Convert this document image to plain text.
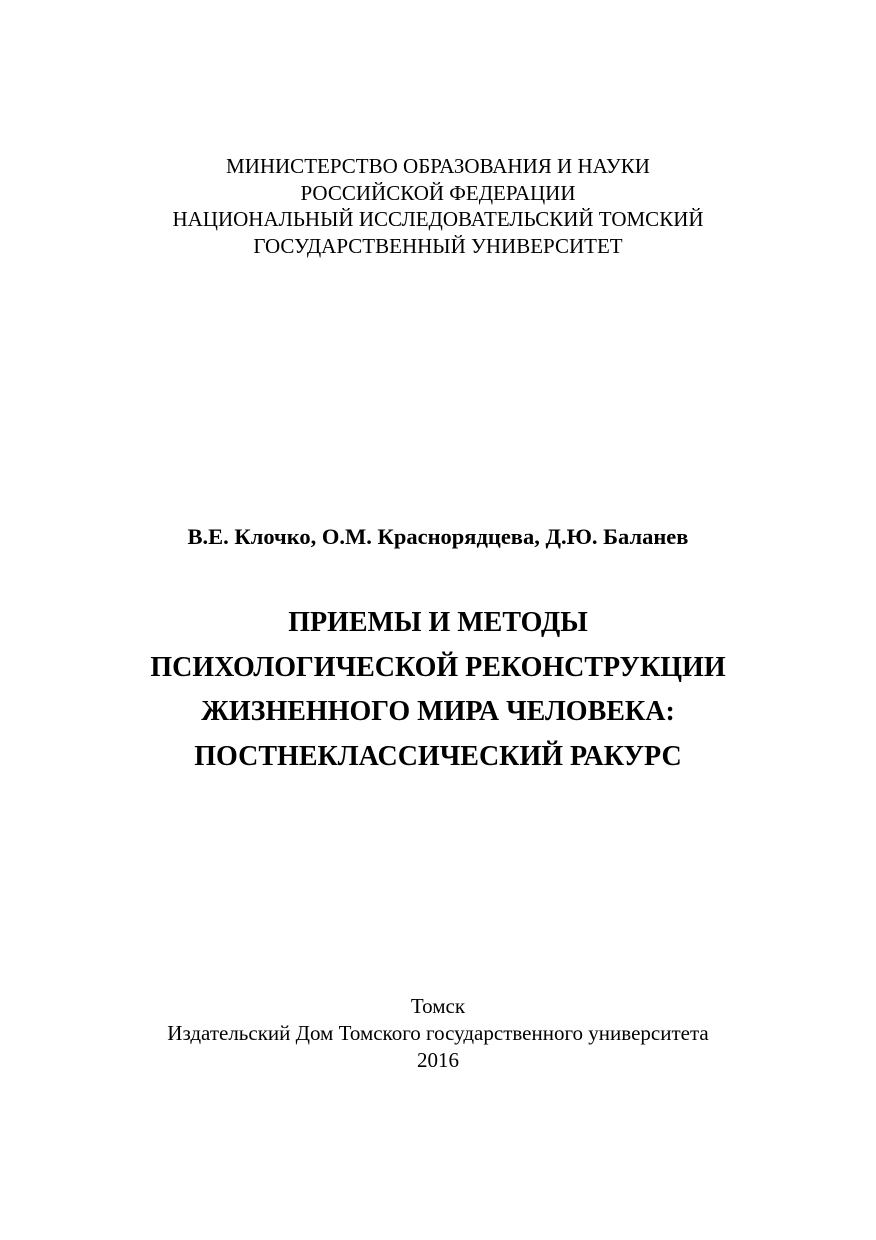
МИНИСТЕРСТВО ОБРАЗОВАНИЯ И НАУКИ
РОССИЙСКОЙ ФЕДЕРАЦИИ
НАЦИОНАЛЬНЫЙ ИССЛЕДОВАТЕЛЬСКИЙ ТОМСКИЙ
ГОСУДАРСТВЕННЫЙ УНИВЕРСИТЕТ
В.Е. Клочко, О.М. Краснорядцева, Д.Ю. Баланев
ПРИЕМЫ И МЕТОДЫ
ПСИХОЛОГИЧЕСКОЙ РЕКОНСТРУКЦИИ
ЖИЗНЕННОГО МИРА ЧЕЛОВЕКА:
ПОСТНЕКЛАССИЧЕСКИЙ РАКУРС
Томск
Издательский Дом Томского государственного университета
2016
